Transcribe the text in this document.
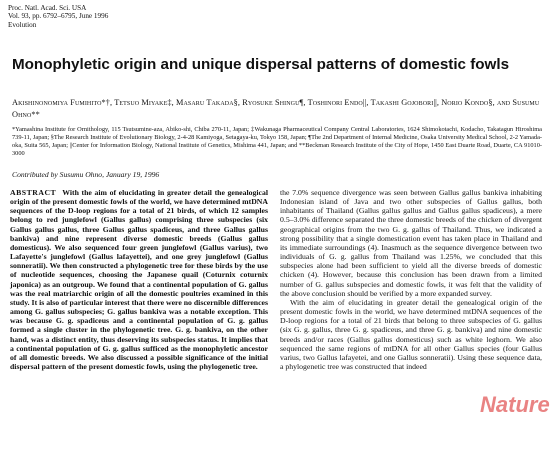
Proc. Natl. Acad. Sci. USA
Vol. 93, pp. 6792–6795, June 1996
Evolution
Monophyletic origin and unique dispersal patterns of domestic fowls
Akishinonomiya Fumihito*†, Tetsuo Miyake‡, Masaru Takada§, Ryosuke Shingu¶, Toshinori Endo||, Takashi Gojobori||, Norio Kondo§, and Susumu Ohno**
*Yamashina Institute for Ornithology, 115 Tsutsumine-aza, Abiko-shi, Chiba 270-11, Japan; ‡Wakunaga Pharmaceutical Company Central Laboratories, 1624 Shimokotachi, Kodacho, Takatagun Hiroshima 739-11, Japan; §The Research Institute of Evolutionary Biology, 2-4-28 Kamiyoga, Setagaya-ku, Tokyo 158, Japan; ¶The 2nd Department of Internal Medicine, Osaka University Medical School, 2-2 Yamada-oka, Suita 565, Japan; ||Center for Information Biology, National Institute of Genetics, Mishima 441, Japan; and **Beckman Research Institute of the City of Hope, 1450 East Duarte Road, Duarte, CA 91010-3000
Contributed by Susumu Ohno, January 19, 1996

ABSTRACT With the aim of elucidating in greater detail the genealogical origin of the present domestic fowls of the world, we have determined mtDNA sequences of the D-loop regions for a total of 21 birds, of which 12 samples belong to red junglefowl (Gallus gallus) comprising three subspecies (six Gallus gallus gallus, three Gallus gallus spadiceus, and three Gallus gallus bankiva) and nine represent diverse domestic breeds (Gallus gallus domesticus). We also sequenced four green junglefowl (Gallus varius), two Lafayette's junglefowl (Gallus lafayettei), and one grey junglefowl (Gallus sonneratii). We then constructed a phylogenetic tree for these birds by the use of nucleotide sequences, choosing the Japanese quail (Coturnix coturnix japonica) as an outgroup. We found that a continental population of G. gallus was the real matriarchic origin of all the domestic poultries examined in this study. It is also of particular interest that there were no discernible differences among G. gallus subspecies; G. gallus bankiva was a notable exception. This was because G. g. spadiceus and a continental population of G. g. gallus formed a single cluster in the phylogenetic tree. G. g. bankiva, on the other hand, was a distinct entity, thus deserving its subspecies status. It implies that a continental population of G. g. gallus sufficed as the monophyletic ancestor of all domestic breeds. We also discussed a possible significance of the initial dispersal pattern of the present domestic fowls, using the phylogenetic tree.

the 7.0% sequence divergence was seen between Gallus gallus bankiva inhabiting Indonesian island of Java and two other subspecies of Gallus gallus, both inhabitants of Thailand (Gallus gallus gallus and Gallus gallus spadiceus), a mere 0.5–3.0% difference separated the three domestic breeds of the chicken of divergent geographical origins from the two G. g. gallus of Thailand. Thus, we indicated a strong possibility that a single domestication event has taken place in Thailand and its immediate surroundings (4). Inasmuch as the sequence divergence between two individuals of G. g. gallus from Thailand was 1.25%, we concluded that this subspecies alone had been sufficient to yield all the diverse breeds of domestic chicken (4). However, because this conclusion has been drawn from a limited number of G. gallus subspecies and domestic fowls, it was felt that the validity of the above conclusion should be verified by a more expanded survey.

With the aim of elucidating in greater detail the genealogical origin of the present domestic fowls in the world, we have determined mtDNA sequences of the D-loop regions for a total of 21 birds that belong to three subspecies of G. gallus (six G. g. gallus, three G. g. spadiceus, and three G. g. bankiva) and nine domestic breeds and/or races (Gallus gallus domesticus) such as white leghorn. We also sequenced the same regions of mtDNA for all other Gallus species (four Gallus varius, two Gallus lafayetei, and one Gallus sonneratii). Using these sequence data, a phylogenetic tree was constructed that indeed

Nature
